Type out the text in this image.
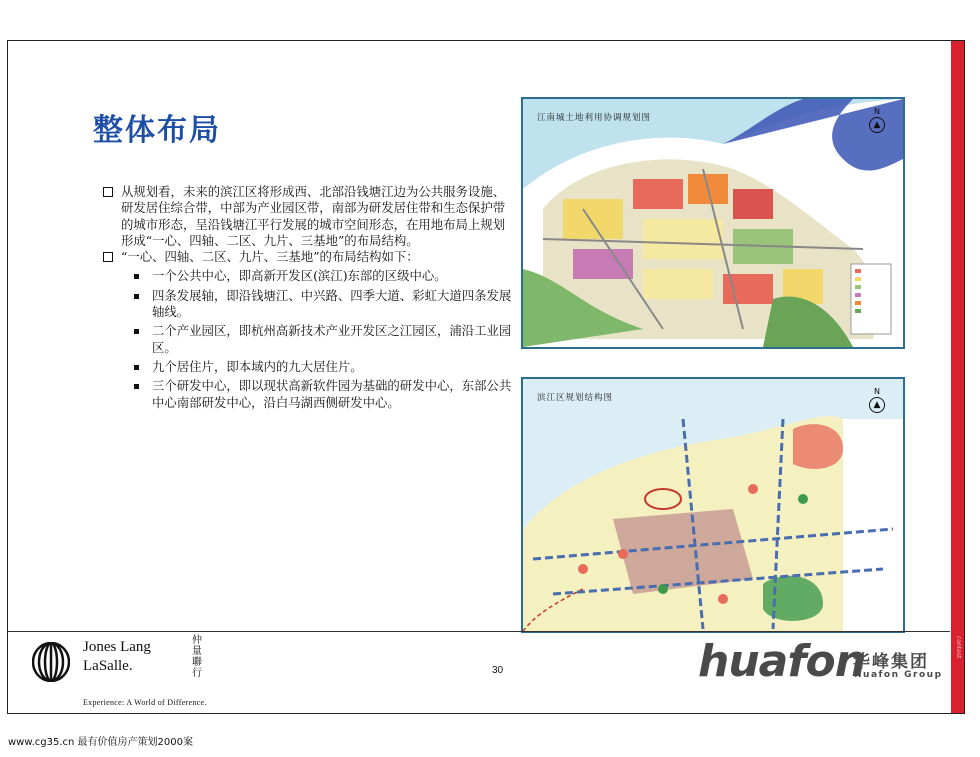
contest
整体布局

从规划看，未来的滨江区将形成西、北部沿钱塘江边为公共服务设施、研发居住综合带，中部为产业园区带，南部为研发居住带和生态保护带的城市形态，呈沿钱塘江平行发展的城市空间形态，在用地布局上规划形成“一心、四轴、二区、九片、三基地”的布局结构。

“一心、四轴、二区、九片、三基地”的布局结构如下：

一个公共中心，即高新开发区(滨江)东部的区级中心。

四条发展轴，即沿钱塘江、中兴路、四季大道、彩虹大道四条发展轴线。

二个产业园区，即杭州高新技术产业开发区之江园区，浦沿工业园区。

九个居住片，即本域内的九大居住片。

三个研发中心，即以现状高新软件园为基础的研发中心，东部公共中心南部研发中心，沿白马湖西侧研发中心。

江南城土地利用协调规划图
N
▲
滨江区规划结构图
N
▲
Jones Lang
LaSalle.
仲量聯行
Experience: A World of Difference.
30	huafon
华峰集团
Huafon Group
www.cg35.cn 最有价值房产策划2000案
